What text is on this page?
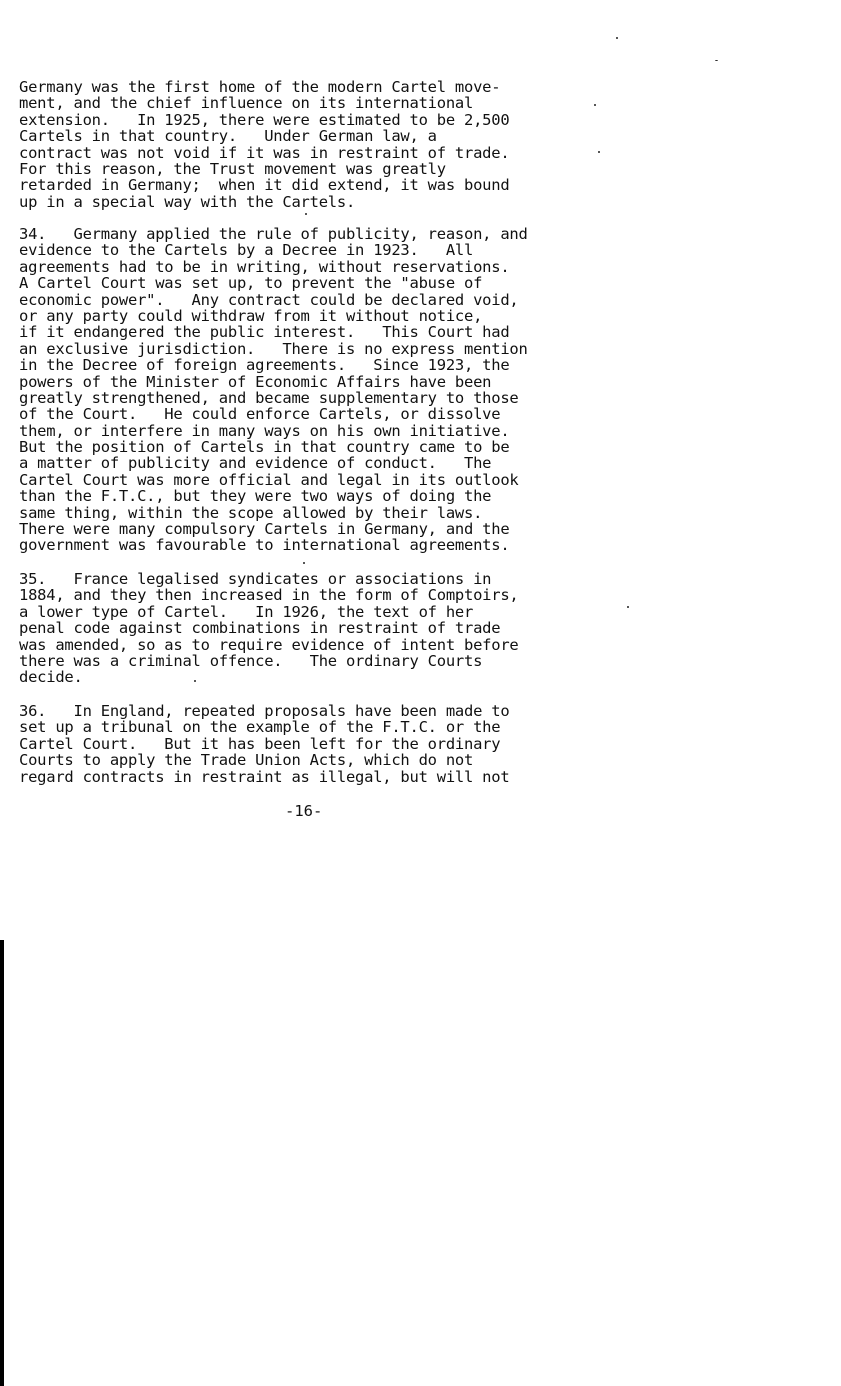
Germany was the first home of the modern Cartel move-
ment, and the chief influence on its international
extension.   In 1925, there were estimated to be 2,500
Cartels in that country.   Under German law, a
contract was not void if it was in restraint of trade.
For this reason, the Trust movement was greatly
retarded in Germany;  when it did extend, it was bound
up in a special way with the Cartels.
34.   Germany applied the rule of publicity, reason, and
evidence to the Cartels by a Decree in 1923.   All
agreements had to be in writing, without reservations.
A Cartel Court was set up, to prevent the "abuse of
economic power".   Any contract could be declared void,
or any party could withdraw from it without notice,
if it endangered the public interest.   This Court had
an exclusive jurisdiction.   There is no express mention
in the Decree of foreign agreements.   Since 1923, the
powers of the Minister of Economic Affairs have been
greatly strengthened, and became supplementary to those
of the Court.   He could enforce Cartels, or dissolve
them, or interfere in many ways on his own initiative.
But the position of Cartels in that country came to be
a matter of publicity and evidence of conduct.   The
Cartel Court was more official and legal in its outlook
than the F.T.C., but they were two ways of doing the
same thing, within the scope allowed by their laws.
There were many compulsory Cartels in Germany, and the
government was favourable to international agreements.
35.   France legalised syndicates or associations in
1884, and they then increased in the form of Comptoirs,
a lower type of Cartel.   In 1926, the text of her
penal code against combinations in restraint of trade
was amended, so as to require evidence of intent before
there was a criminal offence.   The ordinary Courts
decide.
36.   In England, repeated proposals have been made to
set up a tribunal on the example of the F.T.C. or the
Cartel Court.   But it has been left for the ordinary
Courts to apply the Trade Union Acts, which do not
regard contracts in restraint as illegal, but will not
-16-
